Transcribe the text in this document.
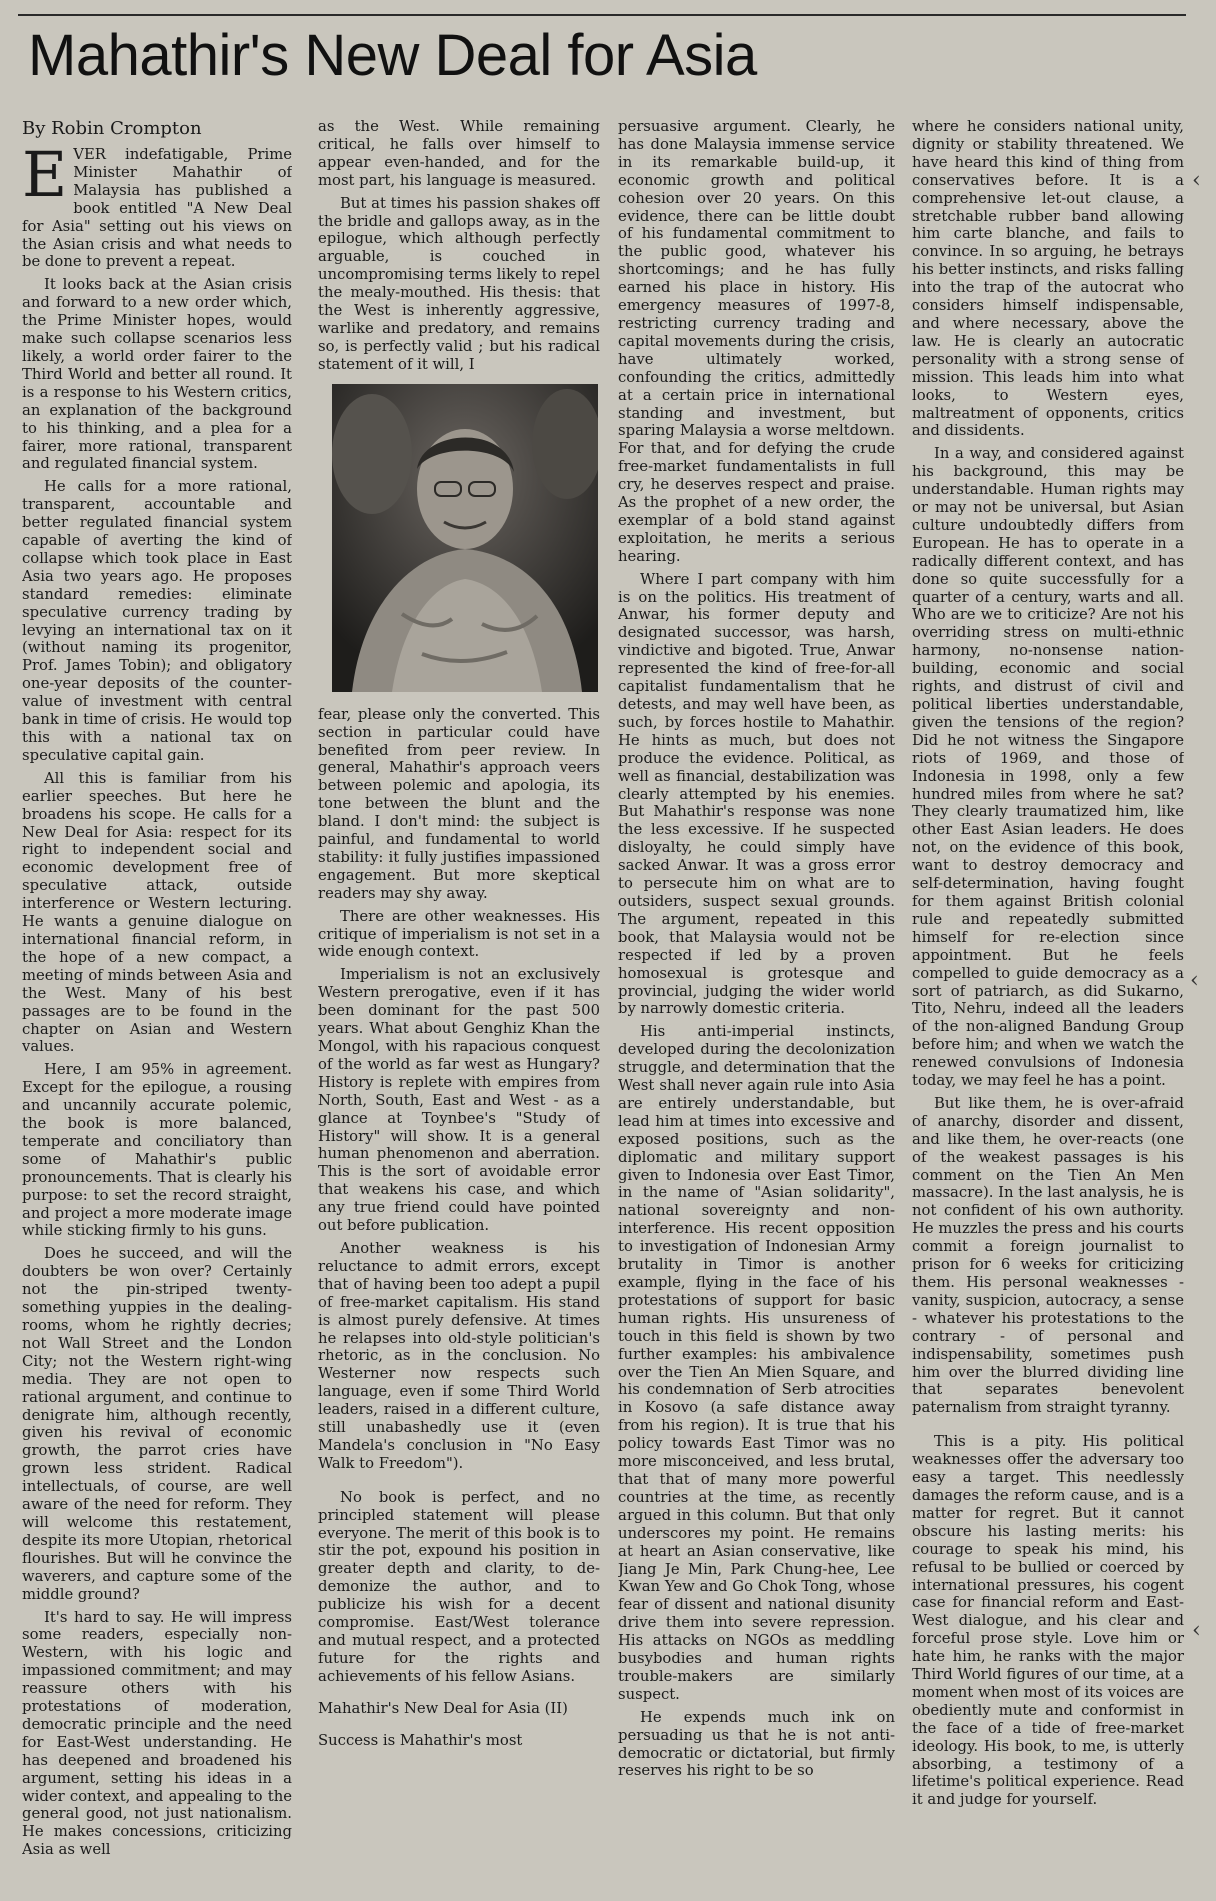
Mahathir's New Deal for Asia
By Robin Crompton

EVER indefatigable, Prime Minister Mahathir of Malaysia has published a book entitled "A New Deal for Asia" setting out his views on the Asian crisis and what needs to be done to prevent a repeat.

It looks back at the Asian crisis and forward to a new order which, the Prime Minister hopes, would make such collapse scenarios less likely, a world order fairer to the Third World and better all round. It is a response to his Western critics, an explanation of the background to his thinking, and a plea for a fairer, more rational, transparent and regulated financial system.

He calls for a more rational, transparent, accountable and better regulated financial system capable of averting the kind of collapse which took place in East Asia two years ago. He proposes standard remedies: eliminate speculative currency trading by levying an international tax on it (without naming its progenitor, Prof. James Tobin); and obligatory one-year deposits of the counter-value of investment with central bank in time of crisis. He would top this with a national tax on speculative capital gain.

All this is familiar from his earlier speeches. But here he broadens his scope. He calls for a New Deal for Asia: respect for its right to independent social and economic development free of speculative attack, outside interference or Western lecturing. He wants a genuine dialogue on international financial reform, in the hope of a new compact, a meeting of minds between Asia and the West. Many of his best passages are to be found in the chapter on Asian and Western values.

Here, I am 95% in agreement. Except for the epilogue, a rousing and uncannily accurate polemic, the book is more balanced, temperate and conciliatory than some of Mahathir's public pronouncements. That is clearly his purpose: to set the record straight, and project a more moderate image while sticking firmly to his guns.

Does he succeed, and will the doubters be won over? Certainly not the pin-striped twenty-something yuppies in the dealing-rooms, whom he rightly decries; not Wall Street and the London City; not the Western right-wing media. They are not open to rational argument, and continue to denigrate him, although recently, given his revival of economic growth, the parrot cries have grown less strident. Radical intellectuals, of course, are well aware of the need for reform. They will welcome this restatement, despite its more Utopian, rhetorical flourishes. But will he convince the waverers, and capture some of the middle ground?

It's hard to say. He will impress some readers, especially non-Western, with his logic and impassioned commitment; and may reassure others with his protestations of moderation, democratic principle and the need for East-West understanding. He has deepened and broadened his argument, setting his ideas in a wider context, and appealing to the general good, not just nationalism. He makes concessions, criticizing Asia as well

as the West. While remaining critical, he falls over himself to appear even-handed, and for the most part, his language is measured.

But at times his passion shakes off the bridle and gallops away, as in the epilogue, which although perfectly arguable, is couched in uncompromising terms likely to repel the mealy-mouthed. His thesis: that the West is inherently aggressive, warlike and predatory, and remains so, is perfectly valid ; but his radical statement of it will, I

fear, please only the converted. This section in particular could have benefited from peer review. In general, Mahathir's approach veers between polemic and apologia, its tone between the blunt and the bland. I don't mind: the subject is painful, and fundamental to world stability: it fully justifies impassioned engagement. But more skeptical readers may shy away.

There are other weaknesses. His critique of imperialism is not set in a wide enough context.

Imperialism is not an exclusively Western prerogative, even if it has been dominant for the past 500 years. What about Genghiz Khan the Mongol, with his rapacious conquest of the world as far west as Hungary? History is replete with empires from North, South, East and West - as a glance at Toynbee's "Study of History" will show. It is a general human phenomenon and aberration. This is the sort of avoidable error that weakens his case, and which any true friend could have pointed out before publication.

Another weakness is his reluctance to admit errors, except that of having been too adept a pupil of free-market capitalism. His stand is almost purely defensive. At times he relapses into old-style politician's rhetoric, as in the conclusion. No Westerner now respects such language, even if some Third World leaders, raised in a different culture, still unabashedly use it (even Mandela's conclusion in "No Easy Walk to Freedom").

No book is perfect, and no principled statement will please everyone. The merit of this book is to stir the pot, expound his position in greater depth and clarity, to de-demonize the author, and to publicize his wish for a decent compromise. East/West tolerance and mutual respect, and a protected future for the rights and achievements of his fellow Asians.

Mahathir's New Deal for Asia (II)

Success is Mahathir's most

persuasive argument. Clearly, he has done Malaysia immense service in its remarkable build-up, it economic growth and political cohesion over 20 years. On this evidence, there can be little doubt of his fundamental commitment to the public good, whatever his shortcomings; and he has fully earned his place in history. His emergency measures of 1997-8, restricting currency trading and capital movements during the crisis, have ultimately worked, confounding the critics, admittedly at a certain price in international standing and investment, but sparing Malaysia a worse meltdown. For that, and for defying the crude free-market fundamentalists in full cry, he deserves respect and praise. As the prophet of a new order, the exemplar of a bold stand against exploitation, he merits a serious hearing.

Where I part company with him is on the politics. His treatment of Anwar, his former deputy and designated successor, was harsh, vindictive and bigoted. True, Anwar represented the kind of free-for-all capitalist fundamentalism that he detests, and may well have been, as such, by forces hostile to Mahathir. He hints as much, but does not produce the evidence. Political, as well as financial, destabilization was clearly attempted by his enemies. But Mahathir's response was none the less excessive. If he suspected disloyalty, he could simply have sacked Anwar. It was a gross error to persecute him on what are to outsiders, suspect sexual grounds. The argument, repeated in this book, that Malaysia would not be respected if led by a proven homosexual is grotesque and provincial, judging the wider world by narrowly domestic criteria.

His anti-imperial instincts, developed during the decolonization struggle, and determination that the West shall never again rule into Asia are entirely understandable, but lead him at times into excessive and exposed positions, such as the diplomatic and military support given to Indonesia over East Timor, in the name of "Asian solidarity", national sovereignty and non-interference. His recent opposition to investigation of Indonesian Army brutality in Timor is another example, flying in the face of his protestations of support for basic human rights. His unsureness of touch in this field is shown by two further examples: his ambivalence over the Tien An Mien Square, and his condemnation of Serb atrocities in Kosovo (a safe distance away from his region). It is true that his policy towards East Timor was no more misconceived, and less brutal, that that of many more powerful countries at the time, as recently argued in this column. But that only underscores my point. He remains at heart an Asian conservative, like Jiang Je Min, Park Chung-hee, Lee Kwan Yew and Go Chok Tong, whose fear of dissent and national disunity drive them into severe repression. His attacks on NGOs as meddling busybodies and human rights trouble-makers are similarly suspect.

He expends much ink on persuading us that he is not anti-democratic or dictatorial, but firmly reserves his right to be so

where he considers national unity, dignity or stability threatened. We have heard this kind of thing from conservatives before. It is a comprehensive let-out clause, a stretchable rubber band allowing him carte blanche, and fails to convince. In so arguing, he betrays his better instincts, and risks falling into the trap of the autocrat who considers himself indispensable, and where necessary, above the law. He is clearly an autocratic personality with a strong sense of mission. This leads him into what looks, to Western eyes, maltreatment of opponents, critics and dissidents.

In a way, and considered against his background, this may be understandable. Human rights may or may not be universal, but Asian culture undoubtedly differs from European. He has to operate in a radically different context, and has done so quite successfully for a quarter of a century, warts and all. Who are we to criticize? Are not his overriding stress on multi-ethnic harmony, no-nonsense nation-building, economic and social rights, and distrust of civil and political liberties understandable, given the tensions of the region? Did he not witness the Singapore riots of 1969, and those of Indonesia in 1998, only a few hundred miles from where he sat? They clearly traumatized him, like other East Asian leaders. He does not, on the evidence of this book, want to destroy democracy and self-determination, having fought for them against British colonial rule and repeatedly submitted himself for re-election since appointment. But he feels compelled to guide democracy as a sort of patriarch, as did Sukarno, Tito, Nehru, indeed all the leaders of the non-aligned Bandung Group before him; and when we watch the renewed convulsions of Indonesia today, we may feel he has a point.

But like them, he is over-afraid of anarchy, disorder and dissent, and like them, he over-reacts (one of the weakest passages is his comment on the Tien An Men massacre). In the last analysis, he is not confident of his own authority. He muzzles the press and his courts commit a foreign journalist to prison for 6 weeks for criticizing them. His personal weaknesses - vanity, suspicion, autocracy, a sense - whatever his protestations to the contrary - of personal and indispensability, sometimes push him over the blurred dividing line that separates benevolent paternalism from straight tyranny.

This is a pity. His political weaknesses offer the adversary too easy a target. This needlessly damages the reform cause, and is a matter for regret. But it cannot obscure his lasting merits: his courage to speak his mind, his refusal to be bullied or coerced by international pressures, his cogent case for financial reform and East-West dialogue, and his clear and forceful prose style. Love him or hate him, he ranks with the major Third World figures of our time, at a moment when most of its voices are obediently mute and conformist in the face of a tide of free-market ideology. His book, to me, is utterly absorbing, a testimony of a lifetime's political experience. Read it and judge for yourself.

‹
‹
‹
